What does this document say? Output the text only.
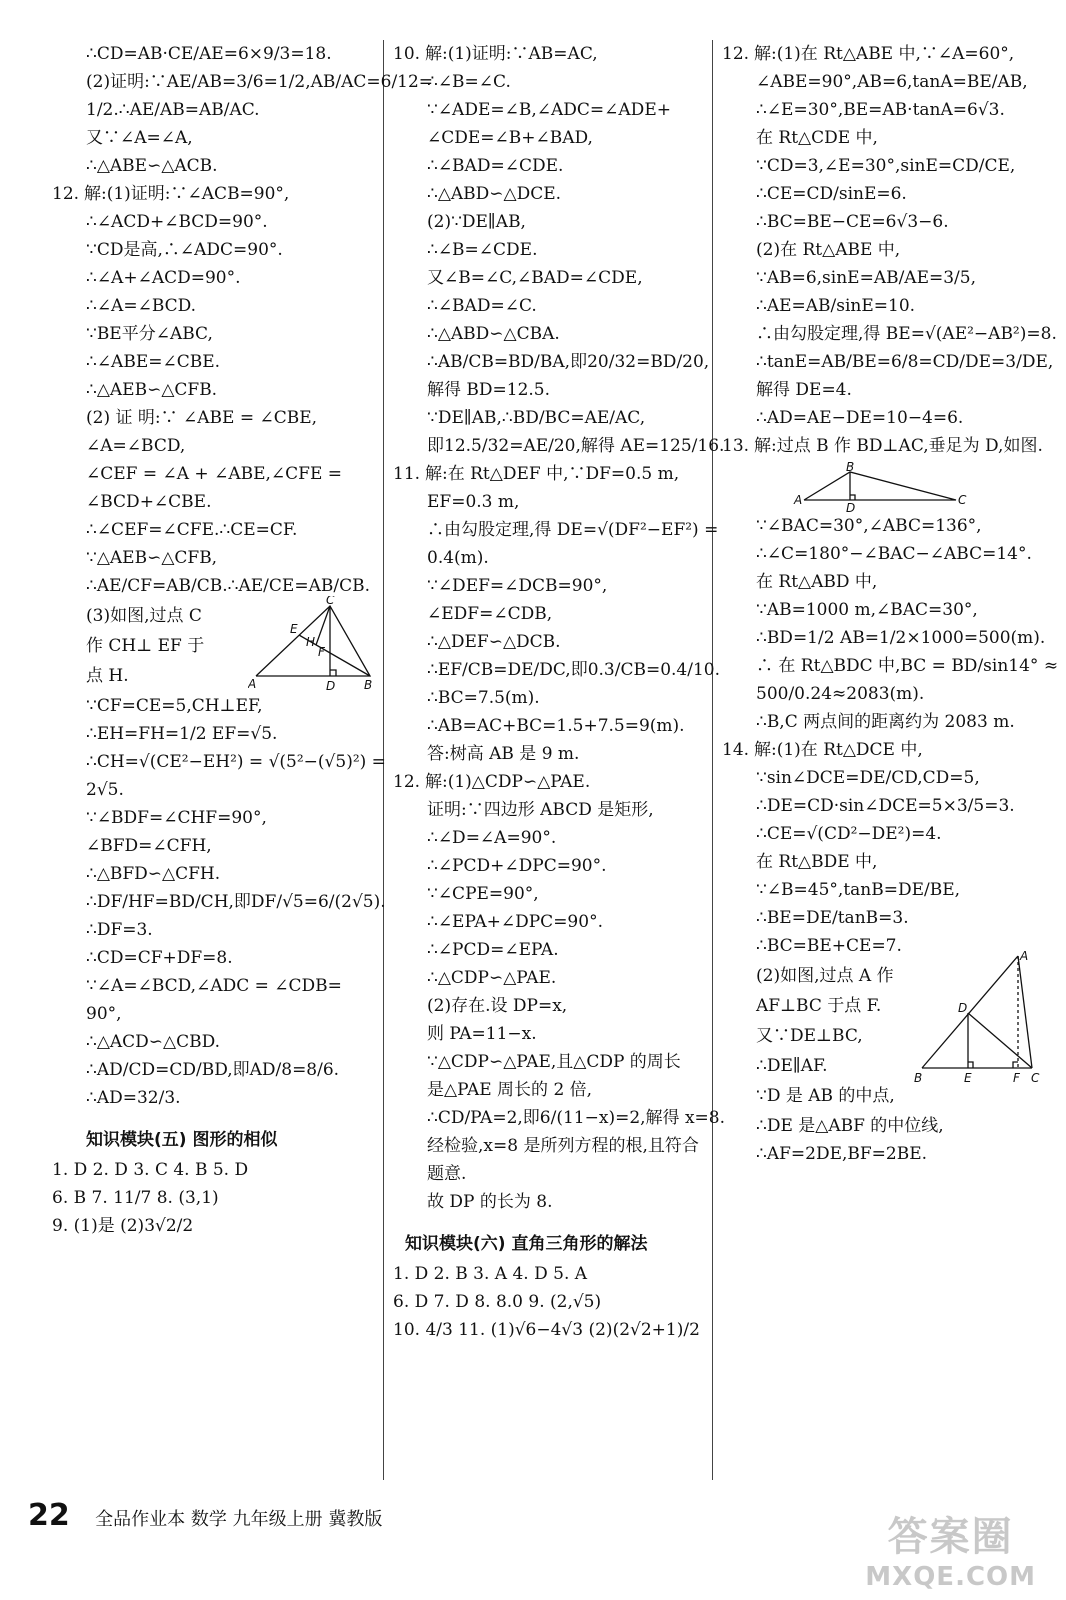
∴CD=AB·CE/AE=6×9/3=18.
(2)证明:∵AE/AB=3/6=1/2,AB/AC=6/12=
1/2.∴AE/AB=AB/AC.
又∵∠A=∠A,
∴△ABE∽△ACB.
12. 解:(1)证明:∵∠ACB=90°,
∴∠ACD+∠BCD=90°.
∵CD是高,∴∠ADC=90°.
∴∠A+∠ACD=90°.
∴∠A=∠BCD.
∵BE平分∠ABC,
∴∠ABE=∠CBE.
∴△AEB∽△CFB.
(2) 证 明:∵ ∠ABE = ∠CBE,
∠A=∠BCD,
∠CEF = ∠A + ∠ABE,∠CFE =
∠BCD+∠CBE.
∴∠CEF=∠CFE.∴CE=CF.
∵△AEB∽△CFB,
∴AE/CF=AB/CB.∴AE/CE=AB/CB.
(3)如图,过点 C
作 CH⊥ EF 于
点 H.
C
E
H
F
A	D B
∵CF=CE=5,CH⊥EF,
∴EH=FH=1/2 EF=√5.
∴CH=√(CE²−EH²) = √(5²−(√5)²) =
2√5.
∵∠BDF=∠CHF=90°,
∠BFD=∠CFH,
∴△BFD∽△CFH.
∴DF/HF=BD/CH,即DF/√5=6/(2√5).
∴DF=3.
∴CD=CF+DF=8.
∵∠A=∠BCD,∠ADC = ∠CDB=
90°,
∴△ACD∽△CBD.
∴AD/CD=CD/BD,即AD/8=8/6.
∴AD=32/3.
知识模块(五) 图形的相似
1. D 2. D 3. C 4. B 5. D
6. B 7. 11/7 8. (3,1)
9. (1)是 (2)3√2/2
10. 解:(1)证明:∵AB=AC,
∴∠B=∠C.
∵∠ADE=∠B,∠ADC=∠ADE+
∠CDE=∠B+∠BAD,
∴∠BAD=∠CDE.
∴△ABD∽△DCE.
(2)∵DE∥AB,
∴∠B=∠CDE.
又∠B=∠C,∠BAD=∠CDE,
∴∠BAD=∠C.
∴△ABD∽△CBA.
∴AB/CB=BD/BA,即20/32=BD/20,
解得 BD=12.5.
∵DE∥AB,∴BD/BC=AE/AC,
即12.5/32=AE/20,解得 AE=125/16.
11. 解:在 Rt△DEF 中,∵DF=0.5 m,
EF=0.3 m,
∴由勾股定理,得 DE=√(DF²−EF²) =
0.4(m).
∵∠DEF=∠DCB=90°,
∠EDF=∠CDB,
∴△DEF∽△DCB.
∴EF/CB=DE/DC,即0.3/CB=0.4/10.
∴BC=7.5(m).
∴AB=AC+BC=1.5+7.5=9(m).
答:树高 AB 是 9 m.
12. 解:(1)△CDP∽△PAE.
证明:∵四边形 ABCD 是矩形,
∴∠D=∠A=90°.
∴∠PCD+∠DPC=90°.
∵∠CPE=90°,
∴∠EPA+∠DPC=90°.
∴∠PCD=∠EPA.
∴△CDP∽△PAE.
(2)存在.设 DP=x,
则 PA=11−x.
∵△CDP∽△PAE,且△CDP 的周长
是△PAE 周长的 2 倍,
∴CD/PA=2,即6/(11−x)=2,解得 x=8.
经检验,x=8 是所列方程的根,且符合
题意.
故 DP 的长为 8.
知识模块(六) 直角三角形的解法
1. D 2. B 3. A 4. D 5. A
6. D 7. D 8. 8.0 9. (2,√5)
10. 4/3 11. (1)√6−4√3 (2)(2√2+1)/2
12. 解:(1)在 Rt△ABE 中,∵∠A=60°,
∠ABE=90°,AB=6,tanA=BE/AB,
∴∠E=30°,BE=AB·tanA=6√3.
在 Rt△CDE 中,
∵CD=3,∠E=30°,sinE=CD/CE,
∴CE=CD/sinE=6.
∴BC=BE−CE=6√3−6.
(2)在 Rt△ABE 中,
∵AB=6,sinE=AB/AE=3/5,
∴AE=AB/sinE=10.
∴由勾股定理,得 BE=√(AE²−AB²)=8.
∴tanE=AB/BE=6/8=CD/DE=3/DE,
解得 DE=4.
∴AD=AE−DE=10−4=6.
13. 解:过点 B 作 BD⊥AC,垂足为 D,如图.
B
A
D
C
∵∠BAC=30°,∠ABC=136°,
∴∠C=180°−∠BAC−∠ABC=14°.
在 Rt△ABD 中,
∵AB=1000 m,∠BAC=30°,
∴BD=1/2 AB=1/2×1000=500(m).
∴ 在 Rt△BDC 中,BC = BD/sin14° ≈
500/0.24≈2083(m).
∴B,C 两点间的距离约为 2083 m.
14. 解:(1)在 Rt△DCE 中,
∵sin∠DCE=DE/CD,CD=5,
∴DE=CD·sin∠DCE=5×3/5=3.
∴CE=√(CD²−DE²)=4.
在 Rt△BDE 中,
∵∠B=45°,tanB=DE/BE,
∴BE=DE/tanB=3.
∴BC=BE+CE=7.
(2)如图,过点 A 作
AF⊥BC 于点 F.
又∵DE⊥BC,
∴DE∥AF.
∵D 是 AB 的中点,
A
D
B	E	F C
∴DE 是△ABF 的中位线,
∴AF=2DE,BF=2BE.
22 全品作业本 数学 九年级上册 冀教版	答案圈
MXQE.COM
